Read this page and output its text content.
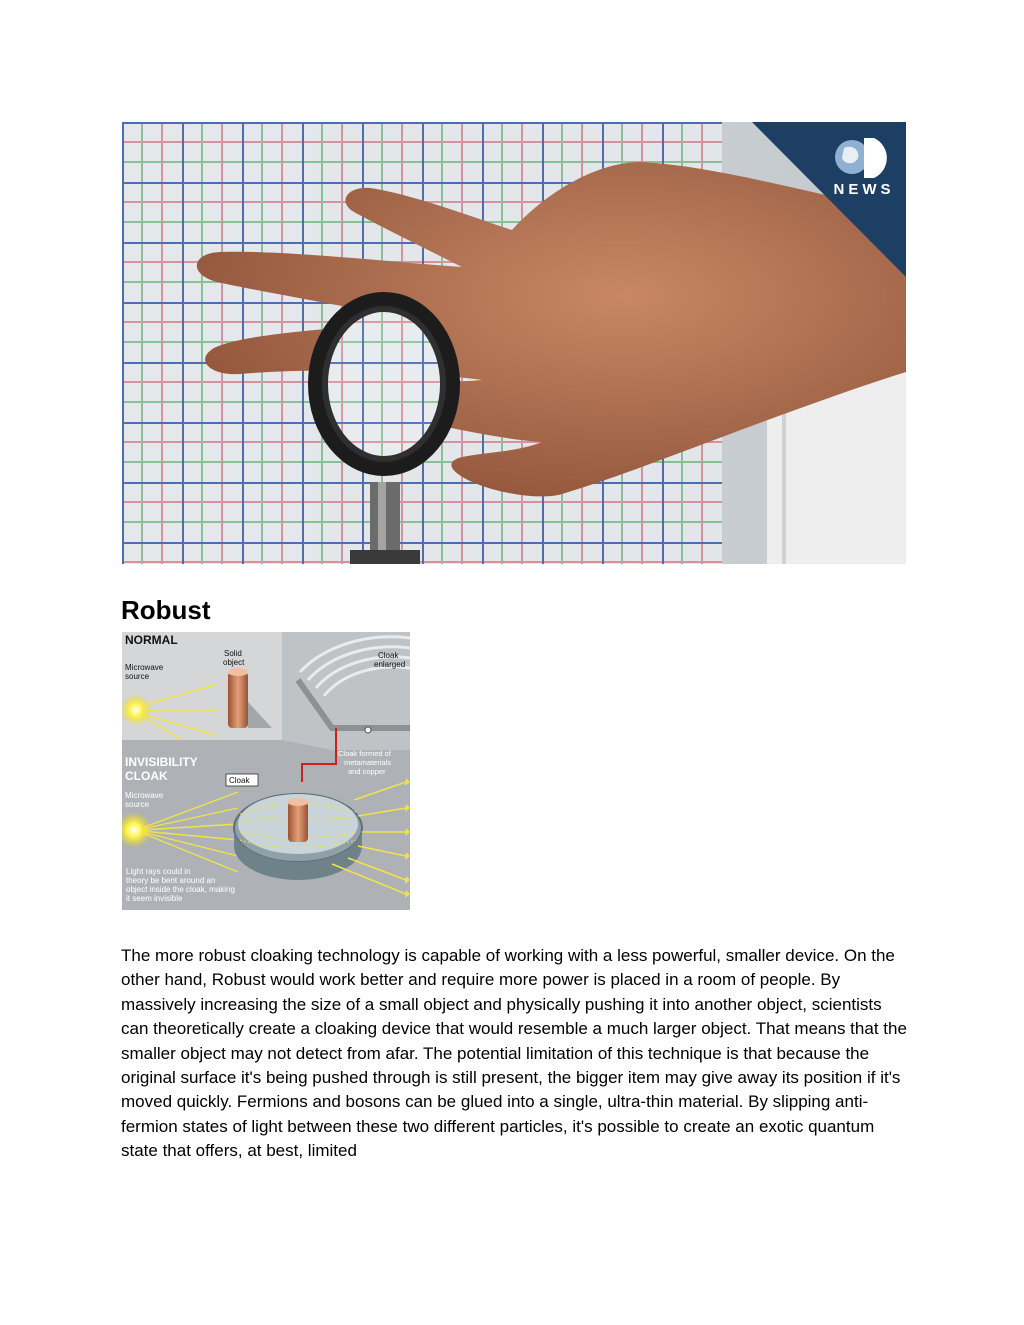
NEWS
Robust
NORMAL
Microwave
source
Solid
object
Cloak
enlarged
Cloak formed of
metamaterials
and copper
INVISIBILITY
CLOAK	Cloak
Microwave
source
Light rays could in
theory be bent around an
object inside the cloak, making
it seem invisible

The more robust cloaking technology is capable of working with a less powerful, smaller device. On the other hand, Robust would work better and require more power is placed in a room of people. By massively increasing the size of a small object and physically pushing it into another object, scientists can theoretically create a cloaking device that would resemble a much larger object. That means that the smaller object may not detect from afar. The potential limitation of this technique is that because the original surface it's being pushed through is still present, the bigger item may give away its position if it's moved quickly. Fermions and bosons can be glued into a single, ultra-thin material. By slipping anti-fermion states of light between these two different particles, it's possible to create an exotic quantum state that offers, at best, limited
